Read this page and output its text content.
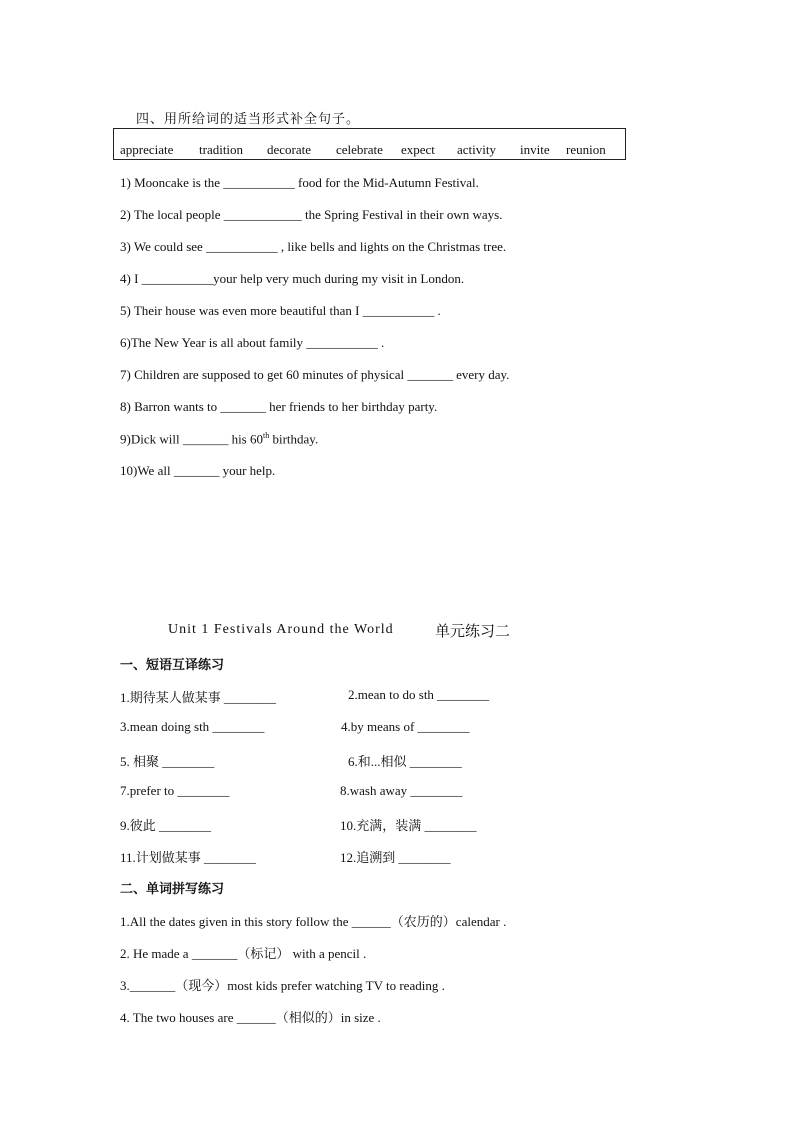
四、用所给词的适当形式补全句子。
appreciate tradition decorate celebrate expect activity invite reunion
1) Mooncake is the ___________ food for the Mid-Autumn Festival.
2) The local people ____________ the Spring Festival in their own ways.
3) We could see ___________ , like bells and lights on the Christmas tree.
4) I ___________your help very much during my visit in London.
5) Their house was even more beautiful than I ___________ .
6)The New Year is all about family ___________ .
7) Children are supposed to get 60 minutes of physical _______ every day.
8) Barron wants to _______ her friends to her birthday party.
9)Dick will _______ his 60th birthday.
10)We all _______ your help.
Unit 1 Festivals Around the World	单元练习二
一、短语互译练习
1.期待某人做某事 ________	2.mean to do sth ________
3.mean doing sth ________	4.by means of ________
5. 相聚 ________	6.和...相似 ________
7.prefer to ________	8.wash away ________
9.彼此 ________	10.充满，装满 ________
11.计划做某事 ________	12.追溯到 ________
二、单词拼写练习
1.All the dates given in this story follow the ______（农历的）calendar .
2. He made a _______（标记） with a pencil .
3._______（现今）most kids prefer watching TV to reading .
4. The two houses are ______（相似的）in size .
